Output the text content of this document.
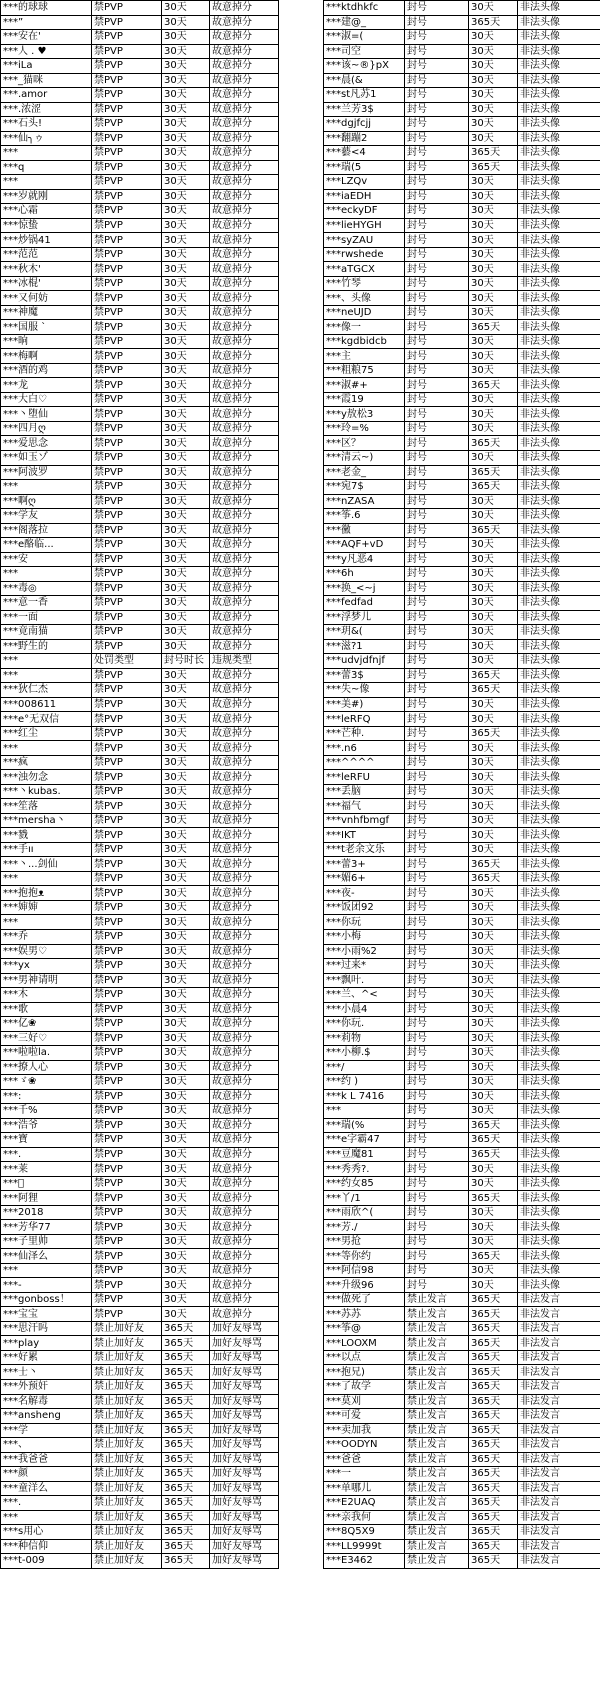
***的球球	禁PVP	30天	故意掉分		***ktdhkfc	封号	30天	非法头像
***”	禁PVP	30天	故意掉分		***建@_	封号	365天	非法头像
***安在'	禁PVP	30天	故意掉分		***淑=(	封号	30天	非法头像
***人 . ♥	禁PVP	30天	故意掉分		***司空	封号	30天	非法头像
***iLa	禁PVP	30天	故意掉分		***该~®}pX	封号	30天	非法头像
***_猫咪	禁PVP	30天	故意掉分		***晨(&	封号	30天	非法头像
***.amor	禁PVP	30天	故意掉分		***st凡苏1	封号	30天	非法头像
***.浓涩	禁PVP	30天	故意掉分		***兰芳3$	封号	30天	非法头像
***石头!	禁PVP	30天	故意掉分		***dgjfcjj	封号	30天	非法头像
***仙╮ゥ	禁PVP	30天	故意掉分		***翻蹦2	封号	30天	非法头像
***	禁PVP	30天	故意掉分		***藝<4	封号	365天	非法头像
***q	禁PVP	30天	故意掉分		***瑞(5	封号	365天	非法头像
***	禁PVP	30天	故意掉分		***LZQv	封号	30天	非法头像
***岁就刚	禁PVP	30天	故意掉分		***iaEDH	封号	30天	非法头像
***心霜	禁PVP	30天	故意掉分		***eckyDF	封号	30天	非法头像
***惊蛰	禁PVP	30天	故意掉分		***lieHYGH	封号	30天	非法头像
***炒锅41	禁PVP	30天	故意掉分		***syZAU	封号	30天	非法头像
***范范	禁PVP	30天	故意掉分		***rwshede	封号	30天	非法头像
***秋木'	禁PVP	30天	故意掉分		***aTGCX	封号	30天	非法头像
***冰棍'	禁PVP	30天	故意掉分		***竹琴	封号	30天	非法头像
***又何妨	禁PVP	30天	故意掉分		***、头像	封号	30天	非法头像
***神魔	禁PVP	30天	故意掉分		***neUJD	封号	30天	非法头像
***国服 `	禁PVP	30天	故意掉分		***像一	封号	365天	非法头像
***晌	禁PVP	30天	故意掉分		***kgdbidcb	封号	30天	非法头像
***梅啊	禁PVP	30天	故意掉分		***主	封号	30天	非法头像
***酒的鸡	禁PVP	30天	故意掉分		***粗粮75	封号	30天	非法头像
***龙	禁PVP	30天	故意掉分		***淑#+	封号	365天	非法头像
***大白♡	禁PVP	30天	故意掉分		***霞19	封号	30天	非法头像
***丶堕仙	禁PVP	30天	故意掉分		***y敖松3	封号	30天	非法头像
***四月ღ	禁PVP	30天	故意掉分		***玲=%	封号	30天	非法头像
***爱思念	禁PVP	30天	故意掉分		***区？	封号	365天	非法头像
***如玉ゾ	禁PVP	30天	故意掉分		***清云~)	封号	30天	非法头像
***阿波罗	禁PVP	30天	故意掉分		***老金_	封号	365天	非法头像
***	禁PVP	30天	故意掉分		***宛7$	封号	365天	非法头像
***啊ღ	禁PVP	30天	故意掉分		***nZASA	封号	30天	非法头像
***学友	禁PVP	30天	故意掉分		***筝.6	封号	30天	非法头像
***阁落拉	禁PVP	30天	故意掉分		***黴	封号	365天	非法头像
***e酪临...	禁PVP	30天	故意掉分		***AQF+vD	封号	30天	非法头像
***安	禁PVP	30天	故意掉分		***y凡恶4	封号	30天	非法头像
***	禁PVP	30天	故意掉分		***6h	封号	30天	非法头像
***毒◎	禁PVP	30天	故意掉分		***换_<~j	封号	30天	非法头像
***意一香	禁PVP	30天	故意掉分		***fedfad	封号	30天	非法头像
***一面	禁PVP	30天	故意掉分		***浮梦儿	封号	30天	非法头像
***竟南猫	禁PVP	30天	故意掉分		***玥&(	封号	30天	非法头像
***野生的	禁PVP	30天	故意掉分		***滋?1	封号	30天	非法头像
***	处罚类型	封号时长	违规类型		***udvjdfnjf	封号	30天	非法头像
***	禁PVP	30天	故意掉分		***蕾3$	封号	365天	非法头像
***狄仁杰	禁PVP	30天	故意掉分		***失~像	封号	365天	非法头像
***008611	禁PVP	30天	故意掉分		***美#)	封号	30天	非法头像
***e°无双信	禁PVP	30天	故意掉分		***leRFQ	封号	30天	非法头像
***红尘	禁PVP	30天	故意掉分		***芒种.	封号	365天	非法头像
***	禁PVP	30天	故意掉分		***.n6	封号	30天	非法头像
***疯	禁PVP	30天	故意掉分		***^^^^	封号	30天	非法头像
***浊勿念	禁PVP	30天	故意掉分		***leRFU	封号	30天	非法头像
***丶kubas.	禁PVP	30天	故意掉分		***丢脑	封号	30天	非法头像
***笙落	禁PVP	30天	故意掉分		***福气	封号	30天	非法头像
***mersha丶	禁PVP	30天	故意掉分		***vnhfbmgf	封号	30天	非法头像
***戮	禁PVP	30天	故意掉分		***IKT	封号	30天	非法头像
***手ıı	禁PVP	30天	故意掉分		***t老余文乐	封号	30天	非法头像
***丶...剑仙	禁PVP	30天	故意掉分		***蕾3+	封号	365天	非法头像
***	禁PVP	30天	故意掉分		***媚6+	封号	365天	非法头像
***抱抱ᴥ	禁PVP	30天	故意掉分		***夜-	封号	30天	非法头像
***婶婶	禁PVP	30天	故意掉分		***饭团92	封号	30天	非法头像
***	禁PVP	30天	故意掉分		***你玩	封号	30天	非法头像
***乔	禁PVP	30天	故意掉分		***小梅	封号	30天	非法头像
***娱男♡	禁PVP	30天	故意掉分		***小雨%2	封号	30天	非法头像
***yx	禁PVP	30天	故意掉分		***过来*	封号	30天	非法头像
***男神请明	禁PVP	30天	故意掉分		***飘叶.	封号	30天	非法头像
***木	禁PVP	30天	故意掉分		***兰、^<	封号	30天	非法头像
***歌	禁PVP	30天	故意掉分		***小晨4	封号	30天	非法头像
***亿❀	禁PVP	30天	故意掉分		***你玩.	封号	30天	非法头像
***三好♡	禁PVP	30天	故意掉分		***莉物	封号	30天	非法头像
***啦啦la.	禁PVP	30天	故意掉分		***小柳.$	封号	30天	非法头像
***撩人心	禁PVP	30天	故意掉分		***/	封号	30天	非法头像
***ゞ❀	禁PVP	30天	故意掉分		***约 )	封号	30天	非法头像
***:	禁PVP	30天	故意掉分		***k L 7416	封号	30天	非法头像
***千%	禁PVP	30天	故意掉分		***	封号	30天	非法头像
***浩爷	禁PVP	30天	故意掉分		***瑞(%	封号	365天	非法头像
***寶	禁PVP	30天	故意掉分		***e字霸47	封号	365天	非法头像
***.	禁PVP	30天	故意掉分		***豆魔81	封号	365天	非法头像
***莱	禁PVP	30天	故意掉分		***秀秀?.	封号	30天	非法头像
***ﾞ	禁PVP	30天	故意掉分		***约女85	封号	30天	非法头像
***阿狸	禁PVP	30天	故意掉分		***丫/1	封号	365天	非法头像
***2018	禁PVP	30天	故意掉分		***雨欣^(	封号	30天	非法头像
***芳华77	禁PVP	30天	故意掉分		***芳./	封号	30天	非法头像
***子里帅	禁PVP	30天	故意掉分		***男抢	封号	30天	非法头像
***仙泽么	禁PVP	30天	故意掉分		***等你约	封号	365天	非法头像
***	禁PVP	30天	故意掉分		***阿信98	封号	30天	非法头像
***-	禁PVP	30天	故意掉分		***升级96	封号	30天	非法头像
***gonboss！	禁PVP	30天	故意掉分		***做死了	禁止发言	365天	非法发言
***宝宝	禁PVP	30天	故意掉分		***苏苏	禁止发言	365天	非法发言
***思汗吗	禁止加好友	365天	加好友辱骂		***筝@	禁止发言	365天	非法发言
***play	禁止加好友	365天	加好友辱骂		***LOOXM	禁止发言	365天	非法发言
***好累	禁止加好友	365天	加好友辱骂		***以点	禁止发言	365天	非法发言
***士丶	禁止加好友	365天	加好友辱骂		***抱兄)	禁止发言	365天	非法发言
***外预奸	禁止加好友	365天	加好友辱骂		***了故学	禁止发言	365天	非法发言
***名解毒	禁止加好友	365天	加好友辱骂		***莫刈	禁止发言	365天	非法发言
***ansheng	禁止加好友	365天	加好友辱骂		***可爱	禁止发言	365天	非法发言
***学	禁止加好友	365天	加好友辱骂		***卖加我	禁止发言	365天	非法发言
***、	禁止加好友	365天	加好友辱骂		***OODYN	禁止发言	365天	非法发言
***我爸爸	禁止加好友	365天	加好友辱骂		***爸爸	禁止发言	365天	非法发言
***颜	禁止加好友	365天	加好友辱骂		***一	禁止发言	365天	非法发言
***童洋么	禁止加好友	365天	加好友辱骂		***单哪儿	禁止发言	365天	非法发言
***.	禁止加好友	365天	加好友辱骂		***E2UAQ	禁止发言	365天	非法发言
***	禁止加好友	365天	加好友辱骂		***亲我何	禁止发言	365天	非法发言
***s用心	禁止加好友	365天	加好友辱骂		***8Q5X9	禁止发言	365天	非法发言
***种信仰	禁止加好友	365天	加好友辱骂		***LL9999t	禁止发言	365天	非法发言
***t-009	禁止加好友	365天	加好友辱骂		***E3462	禁止发言	365天	非法发言
